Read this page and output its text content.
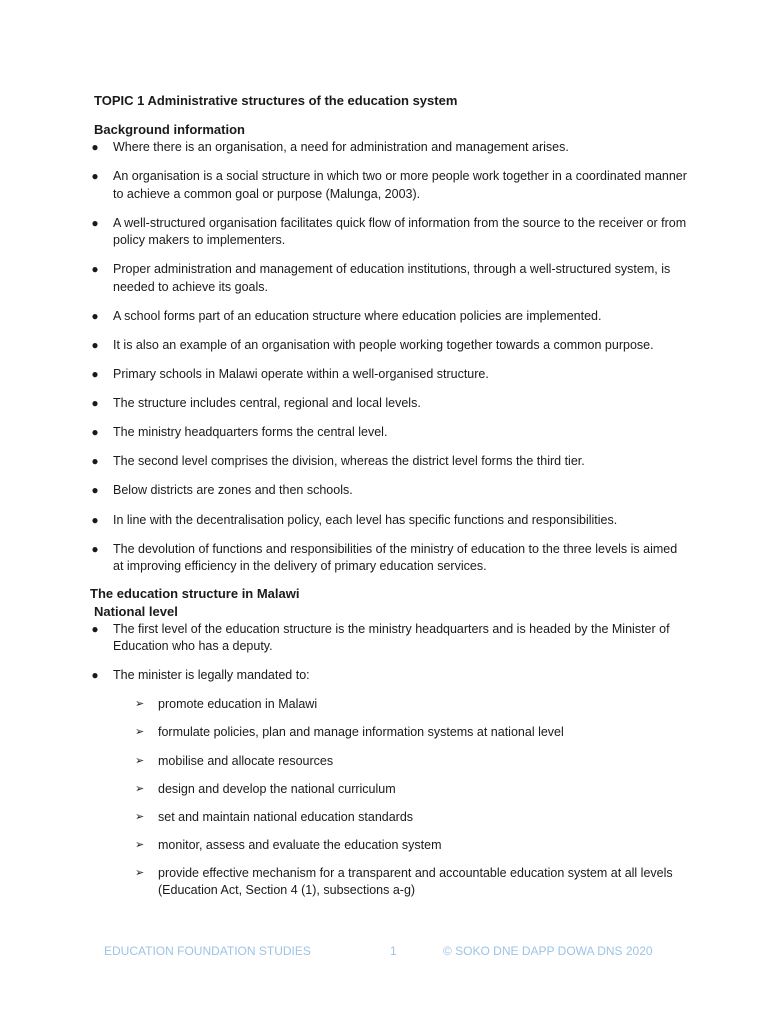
TOPIC 1 Administrative structures of the education system
Background information
● Where there is an organisation, a need for administration and management arises.
● An organisation is a social structure in which two or more people work together in a coordinated manner to achieve a common goal or purpose (Malunga, 2003).
● A well-structured organisation facilitates quick flow of information from the source to the receiver or from policy makers to implementers.
● Proper administration and management of education institutions, through a well-structured system, is needed to achieve its goals.
● A school forms part of an education structure where education policies are implemented.
● It is also an example of an organisation with people working together towards a common purpose.
● Primary schools in Malawi operate within a well-organised structure.
● The structure includes central, regional and local levels.
● The ministry headquarters forms the central level.
● The second level comprises the division, whereas the district level forms the third tier.
● Below districts are zones and then schools.
● In line with the decentralisation policy, each level has specific functions and responsibilities.
● The devolution of functions and responsibilities of the ministry of education to the three levels is aimed at improving efficiency in the delivery of primary education services.
The education structure in Malawi
National level
● The first level of the education structure is the ministry headquarters and is headed by the Minister of Education who has a deputy.
● The minister is legally mandated to:
➢ promote education in Malawi
➢ formulate policies, plan and manage information systems at national level
➢ mobilise and allocate resources
➢ design and develop the national curriculum
➢ set and maintain national education standards
➢ monitor, assess and evaluate the education system
➢ provide effective mechanism for a transparent and accountable education system at all levels (Education Act, Section 4 (1), subsections a-g)
EDUCATION FOUNDATION STUDIES	1	© SOKO DNE DAPP DOWA DNS 2020
